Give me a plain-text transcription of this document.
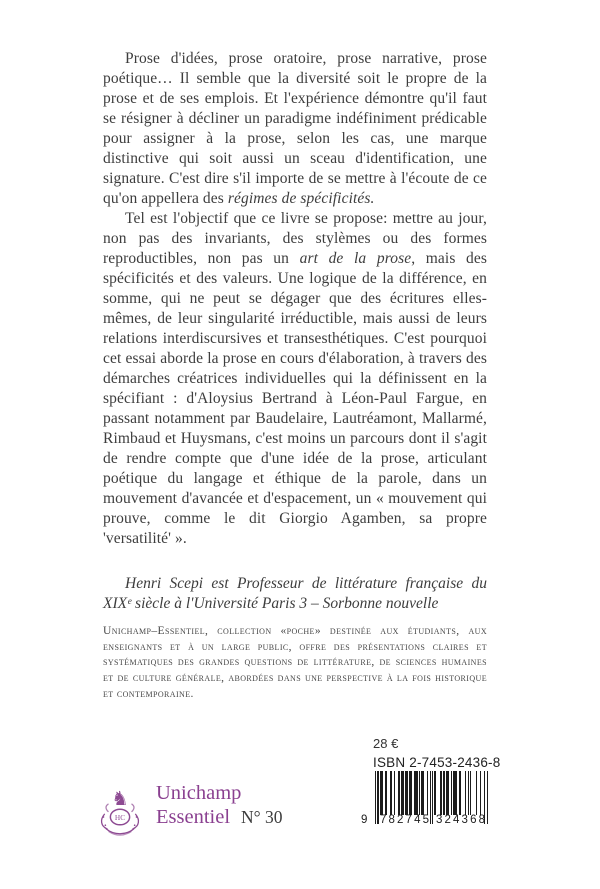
Prose d'idées, prose oratoire, prose narrative, prose poétique… Il semble que la diversité soit le propre de la prose et de ses emplois. Et l'expérience démontre qu'il faut se résigner à décliner un paradigme indéfiniment prédicable pour assigner à la prose, selon les cas, une marque distinctive qui soit aussi un sceau d'identification, une signature. C'est dire s'il importe de se mettre à l'écoute de ce qu'on appellera des régimes de spécificités.

Tel est l'objectif que ce livre se propose: mettre au jour, non pas des invariants, des stylèmes ou des formes reproductibles, non pas un art de la prose, mais des spécificités et des valeurs. Une logique de la différence, en somme, qui ne peut se dégager que des écritures elles-mêmes, de leur singularité irréductible, mais aussi de leurs relations interdiscursives et transesthétiques. C'est pourquoi cet essai aborde la prose en cours d'élaboration, à travers des démarches créatrices individuelles qui la définissent en la spécifiant : d'Aloysius Bertrand à Léon-Paul Fargue, en passant notamment par Baudelaire, Lautréamont, Mallarmé, Rimbaud et Huysmans, c'est moins un parcours dont il s'agit de rendre compte que d'une idée de la prose, articulant poétique du langage et éthique de la parole, dans un mouvement d'avancée et d'espacement, un « mouvement qui prouve, comme le dit Giorgio Agamben, sa propre 'versatilité' ».

Henri Scepi est Professeur de littérature française du XIXᵉ siècle à l'Université Paris 3 – Sorbonne nouvelle
Unichamp–Essentiel, collection «poche» destinée aux étudiants, aux enseignants et à un large public, offre des présentations claires et systématiques des grandes questions de littérature, de sciences humaines et de culture générale, abordées dans une perspective à la fois historique et contemporaine.
28 €
ISBN 2-7453-2436-8
9 7 8 2 7 4 5 3 2 4 3 6 8
HC
♞ Unichamp
Essentiel N° 30
